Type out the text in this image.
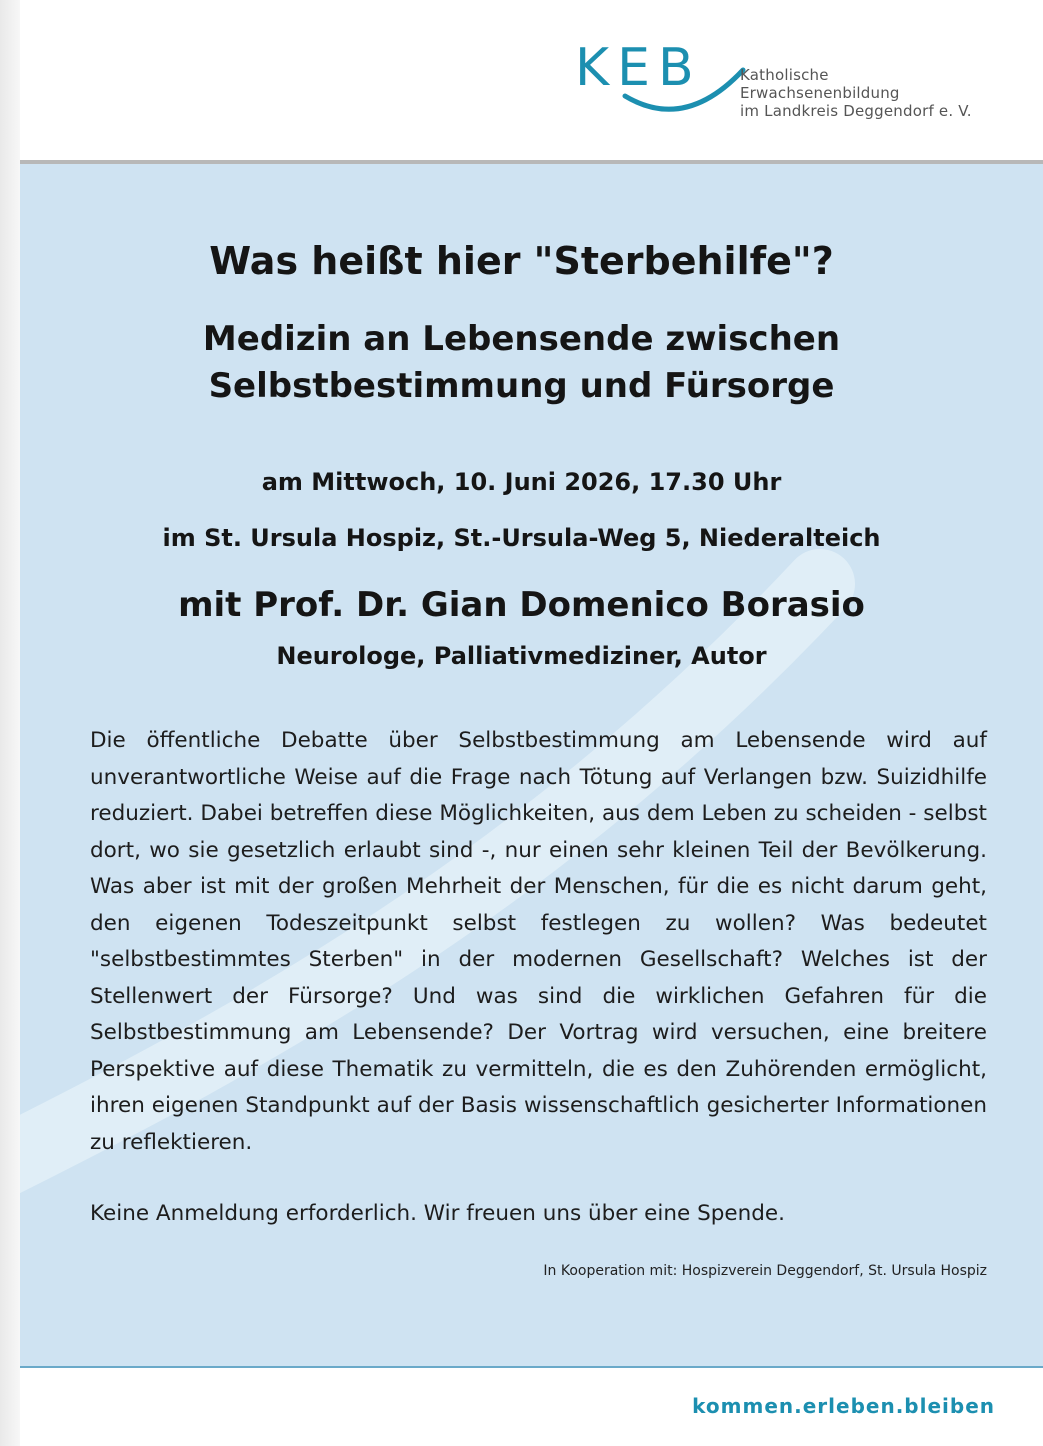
KEB	Katholische
Erwachsenenbildung
im Landkreis Deggendorf e. V.
Was heißt hier "Sterbehilfe"?
Medizin an Lebensende zwischen
Selbstbestimmung und Fürsorge
am Mittwoch, 10. Juni 2026, 17.30 Uhr
im St. Ursula Hospiz, St.-Ursula-Weg 5, Niederalteich
mit Prof. Dr. Gian Domenico Borasio
Neurologe, Palliativmediziner, Autor

Die öffentliche Debatte über Selbstbestimmung am Lebensende wird auf unverantwortliche Weise auf die Frage nach Tötung auf Verlangen bzw. Suizidhilfe reduziert. Dabei betreffen diese Möglichkeiten, aus dem Leben zu scheiden - selbst dort, wo sie gesetzlich erlaubt sind -, nur einen sehr kleinen Teil der Bevölkerung. Was aber ist mit der großen Mehrheit der Menschen, für die es nicht darum geht, den eigenen Todeszeitpunkt selbst festlegen zu wollen? Was bedeutet "selbstbestimmtes Sterben" in der modernen Gesellschaft? Welches ist der Stellenwert der Fürsorge? Und was sind die wirklichen Gefahren für die Selbstbestimmung am Lebensende? Der Vortrag wird versuchen, eine breitere Perspektive auf diese Thematik zu vermitteln, die es den Zuhörenden ermöglicht, ihren eigenen Standpunkt auf der Basis wissenschaftlich gesicherter Informationen zu reflektieren.

Keine Anmeldung erforderlich. Wir freuen uns über eine Spende.
In Kooperation mit: Hospizverein Deggendorf, St. Ursula Hospiz
kommen.erleben.bleiben
